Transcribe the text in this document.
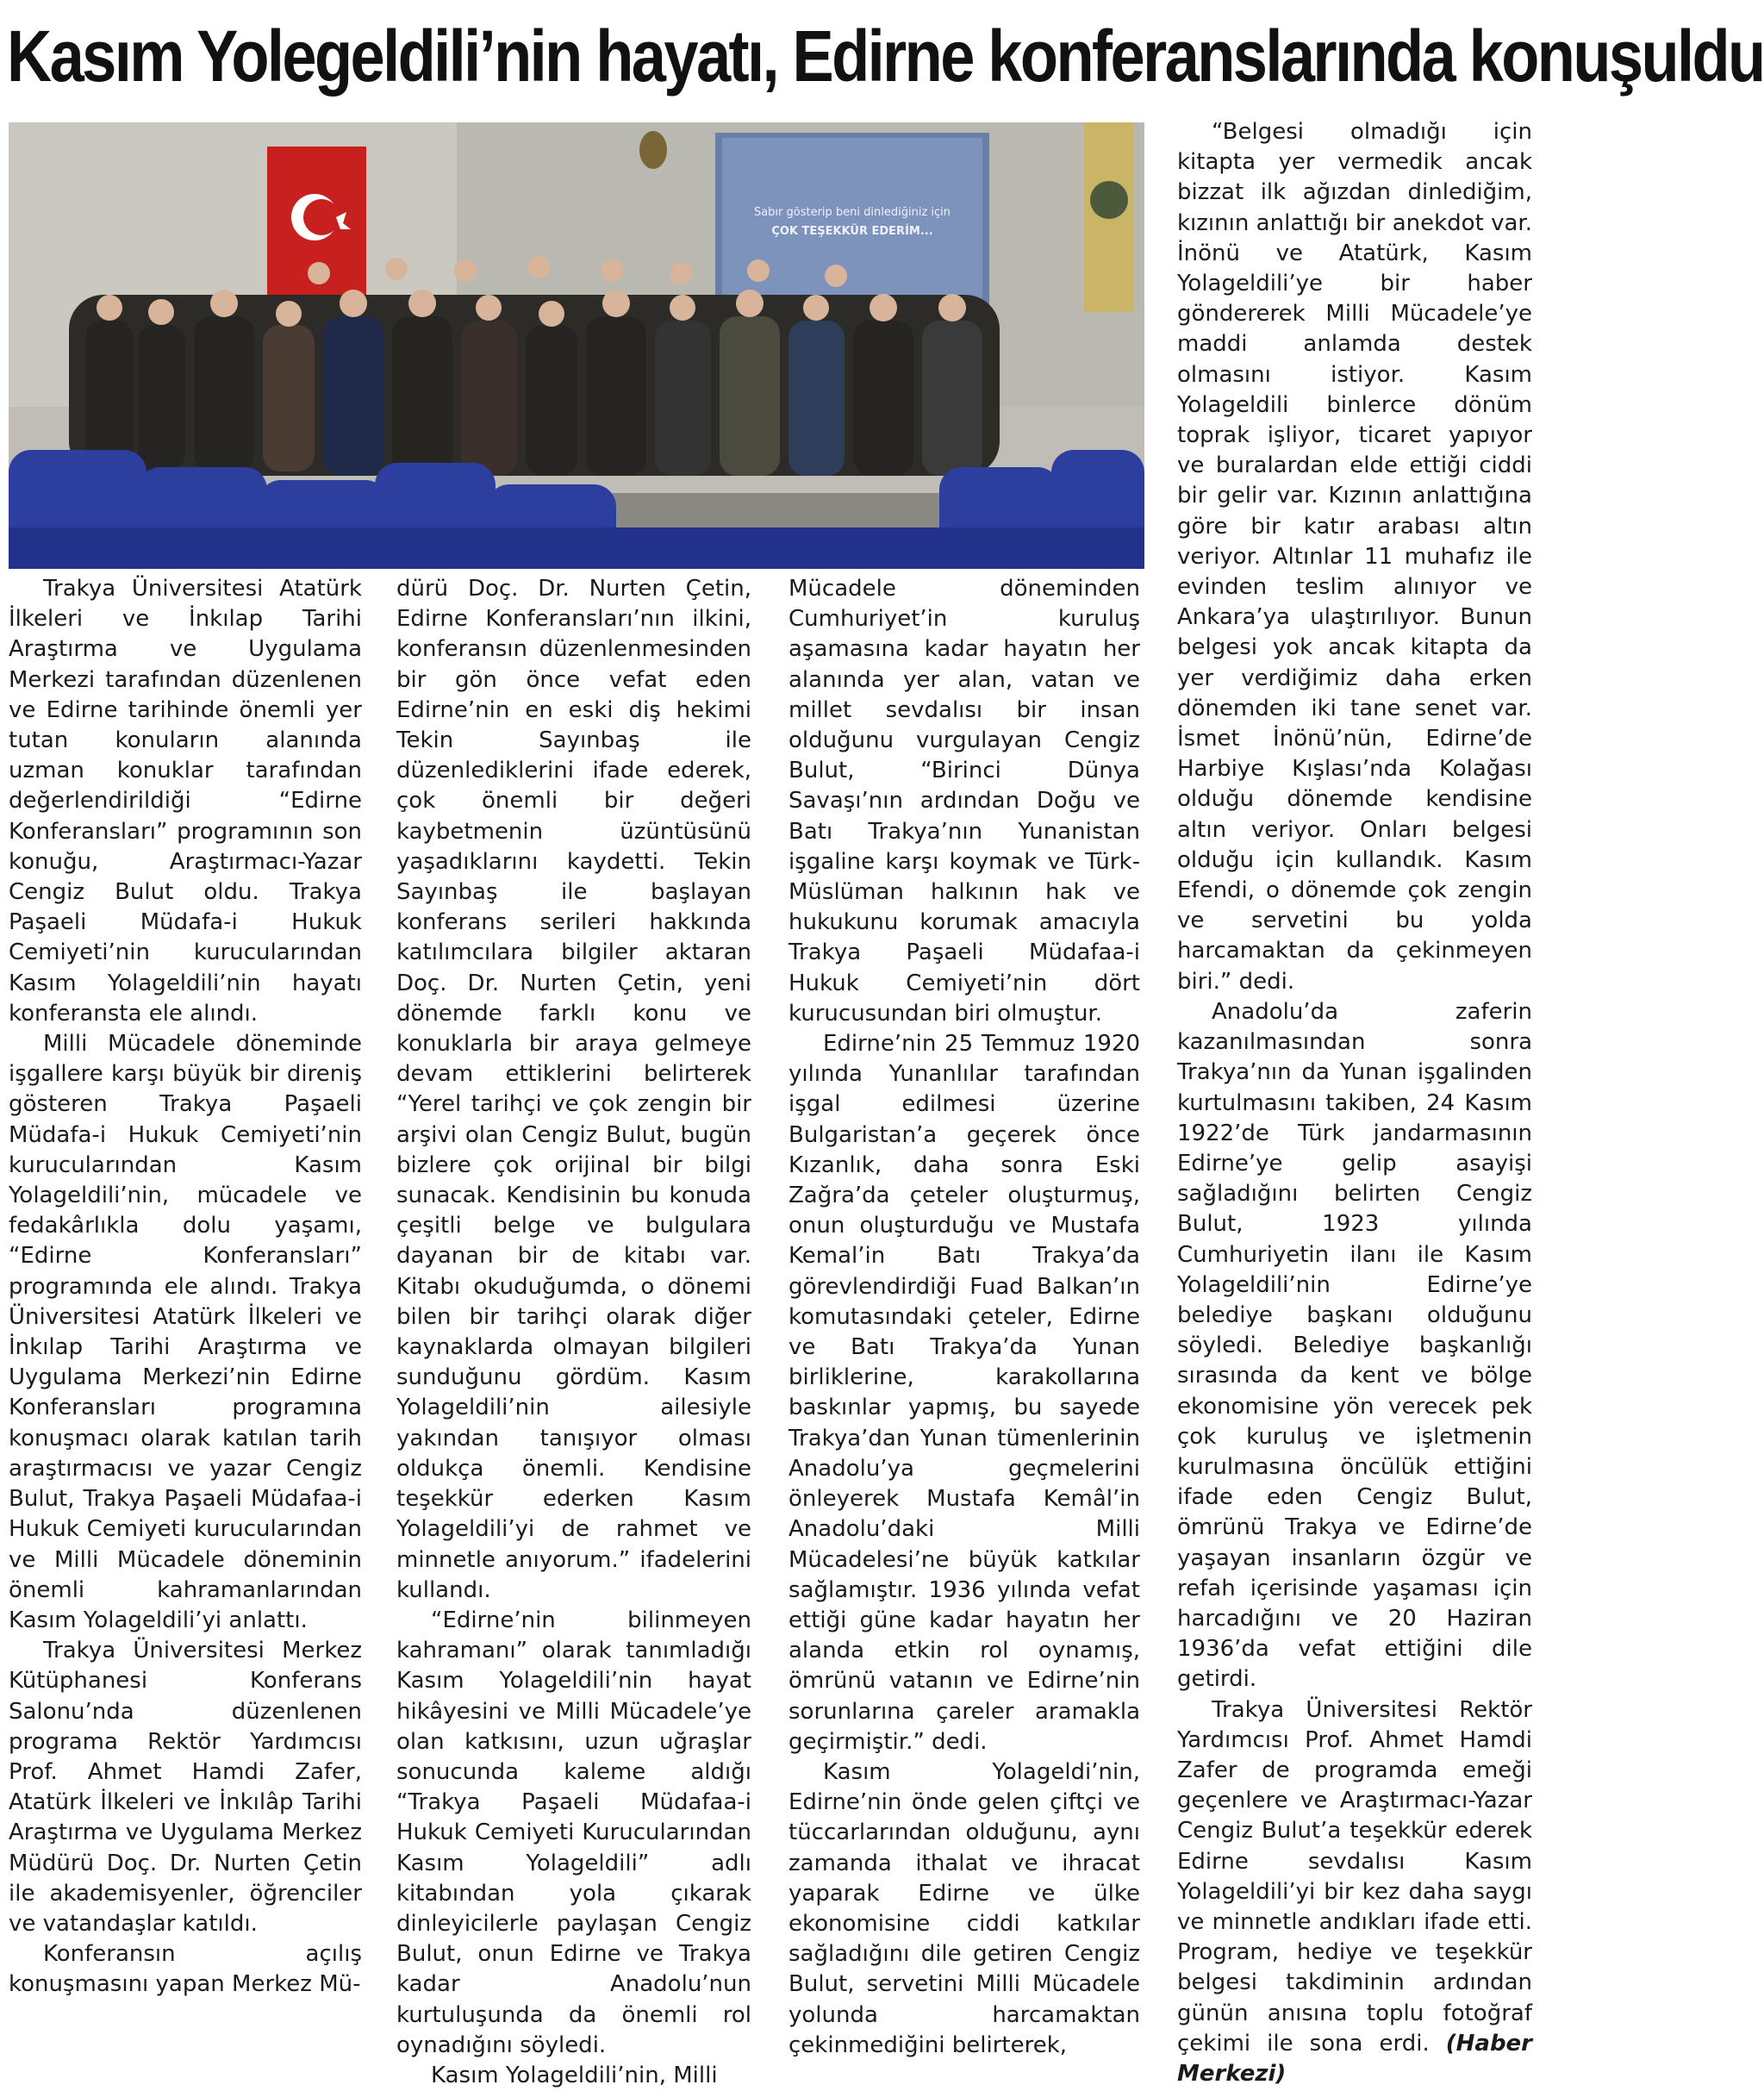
Kasım Yolegeldili’nin hayatı, Edirne konferanslarında konuşuldu
Sabır gösterip beni dinlediğiniz için
ÇOK TEŞEKKÜR EDERİM...

Trakya Üniversitesi Atatürk İlkeleri ve İnkılap Tarihi Araştırma ve Uygulama Merkezi tarafından düzenlenen ve Edirne tarihinde önemli yer tutan konuların alanında uzman konuklar tarafından değerlendirildiği “Edirne Konferansları” programının son konuğu, Araştırmacı-Yazar Cengiz Bulut oldu. Trakya Paşaeli Müdafa-i Hukuk Cemiyeti’nin kurucularından Kasım Yolageldili’nin hayatı konferansta ele alındı.

Milli Mücadele döneminde işgallere karşı büyük bir direniş gösteren Trakya Paşaeli Müdafa-i Hukuk Cemiyeti’nin kurucularından Kasım Yolageldili’nin, mücadele ve fedakârlıkla dolu yaşamı, “Edirne Konferansları” programında ele alındı. Trakya Üniversitesi Atatürk İlkeleri ve İnkılap Tarihi Araştırma ve Uygulama Merkezi’nin Edirne Konferansları programına konuşmacı olarak katılan tarih araştırmacısı ve yazar Cengiz Bulut, Trakya Paşaeli Müdafaa-i Hukuk Cemiyeti kurucularından ve Milli Mücadele döneminin önemli kahramanlarından Kasım Yolageldili’yi anlattı.

Trakya Üniversitesi Merkez Kütüphanesi Konferans Salonu’nda düzenlenen programa Rektör Yardımcısı Prof. Ahmet Hamdi Zafer, Atatürk İlkeleri ve İnkılâp Tarihi Araştırma ve Uygulama Merkez Müdürü Doç. Dr. Nurten Çetin ile akademisyenler, öğrenciler ve vatandaşlar katıldı.

Konferansın açılış konuşmasını yapan Merkez Mü-

dürü Doç. Dr. Nurten Çetin, Edirne Konferansları’nın ilkini, konferansın düzenlenmesinden bir gön önce vefat eden Edirne’nin en eski diş hekimi Tekin Sayınbaş ile düzenlediklerini ifade ederek, çok önemli bir değeri kaybetmenin üzüntüsünü yaşadıklarını kaydetti. Tekin Sayınbaş ile başlayan konferans serileri hakkında katılımcılara bilgiler aktaran Doç. Dr. Nurten Çetin, yeni dönemde farklı konu ve konuklarla bir araya gelmeye devam ettiklerini belirterek “Yerel tarihçi ve çok zengin bir arşivi olan Cengiz Bulut, bugün bizlere çok orijinal bir bilgi sunacak. Kendisinin bu konuda çeşitli belge ve bulgulara dayanan bir de kitabı var. Kitabı okuduğumda, o dönemi bilen bir tarihçi olarak diğer kaynaklarda olmayan bilgileri sunduğunu gördüm. Kasım Yolageldili’nin ailesiyle yakından tanışıyor olması oldukça önemli. Kendisine teşekkür ederken Kasım Yolageldili’yi de rahmet ve minnetle anıyorum.” ifadelerini kullandı.

“Edirne’nin bilinmeyen kahramanı” olarak tanımladığı Kasım Yolageldili’nin hayat hikâyesini ve Milli Mücadele’ye olan katkısını, uzun uğraşlar sonucunda kaleme aldığı “Trakya Paşaeli Müdafaa-i Hukuk Cemiyeti Kurucularından Kasım Yolageldili” adlı kitabından yola çıkarak dinleyicilerle paylaşan Cengiz Bulut, onun Edirne ve Trakya kadar Anadolu’nun kurtuluşunda da önemli rol oynadığını söyledi.

Kasım Yolageldili’nin, Milli

Mücadele döneminden Cumhuriyet’in kuruluş aşamasına kadar hayatın her alanında yer alan, vatan ve millet sevdalısı bir insan olduğunu vurgulayan Cengiz Bulut, “Birinci Dünya Savaşı’nın ardından Doğu ve Batı Trakya’nın Yunanistan işgaline karşı koymak ve Türk-Müslüman halkının hak ve hukukunu korumak amacıyla Trakya Paşaeli Müdafaa-i Hukuk Cemiyeti’nin dört kurucusundan biri olmuştur.

Edirne’nin 25 Temmuz 1920 yılında Yunanlılar tarafından işgal edilmesi üzerine Bulgaristan’a geçerek önce Kızanlık, daha sonra Eski Zağra’da çeteler oluşturmuş, onun oluşturduğu ve Mustafa Kemal’in Batı Trakya’da görevlendirdiği Fuad Balkan’ın komutasındaki çeteler, Edirne ve Batı Trakya’da Yunan birliklerine, karakollarına baskınlar yapmış, bu sayede Trakya’dan Yunan tümenlerinin Anadolu’ya geçmelerini önleyerek Mustafa Kemâl’in Anadolu’daki Milli Mücadelesi’ne büyük katkılar sağlamıştır. 1936 yılında vefat ettiği güne kadar hayatın her alanda etkin rol oynamış, ömrünü vatanın ve Edirne’nin sorunlarına çareler aramakla geçirmiştir.” dedi.

Kasım Yolageldi’nin, Edirne’nin önde gelen çiftçi ve tüccarlarından olduğunu, aynı zamanda ithalat ve ihracat yaparak Edirne ve ülke ekonomisine ciddi katkılar sağladığını dile getiren Cengiz Bulut, servetini Milli Mücadele yolunda harcamaktan çekinmediğini belirterek,

“Belgesi olmadığı için kitapta yer vermedik ancak bizzat ilk ağızdan dinlediğim, kızının anlattığı bir anekdot var. İnönü ve Atatürk, Kasım Yolageldili’ye bir haber göndererek Milli Mücadele’ye maddi anlamda destek olmasını istiyor. Kasım Yolageldili binlerce dönüm toprak işliyor, ticaret yapıyor ve buralardan elde ettiği ciddi bir gelir var. Kızının anlattığına göre bir katır arabası altın veriyor. Altınlar 11 muhafız ile evinden teslim alınıyor ve Ankara’ya ulaştırılıyor. Bunun belgesi yok ancak kitapta da yer verdiğimiz daha erken dönemden iki tane senet var. İsmet İnönü’nün, Edirne’de Harbiye Kışlası’nda Kolağası olduğu dönemde kendisine altın veriyor. Onları belgesi olduğu için kullandık. Kasım Efendi, o dönemde çok zengin ve servetini bu yolda harcamaktan da çekinmeyen biri.” dedi.

Anadolu’da zaferin kazanılmasından sonra Trakya’nın da Yunan işgalinden kurtulmasını takiben, 24 Kasım 1922’de Türk jandarmasının Edirne’ye gelip asayişi sağladığını belirten Cengiz Bulut, 1923 yılında Cumhuriyetin ilanı ile Kasım Yolageldili’nin Edirne’ye belediye başkanı olduğunu söyledi. Belediye başkanlığı sırasında da kent ve bölge ekonomisine yön verecek pek çok kuruluş ve işletmenin kurulmasına öncülük ettiğini ifade eden Cengiz Bulut, ömrünü Trakya ve Edirne’de yaşayan insanların özgür ve refah içerisinde yaşaması için harcadığını ve 20 Haziran 1936’da vefat ettiğini dile getirdi.

Trakya Üniversitesi Rektör Yardımcısı Prof. Ahmet Hamdi Zafer de programda emeği geçenlere ve Araştırmacı-Yazar Cengiz Bulut’a teşekkür ederek Edirne sevdalısı Kasım Yolageldili’yi bir kez daha saygı ve minnetle andıkları ifade etti. Program, hediye ve teşekkür belgesi takdiminin ardından günün anısına toplu fotoğraf çekimi ile sona erdi. (Haber Merkezi)
